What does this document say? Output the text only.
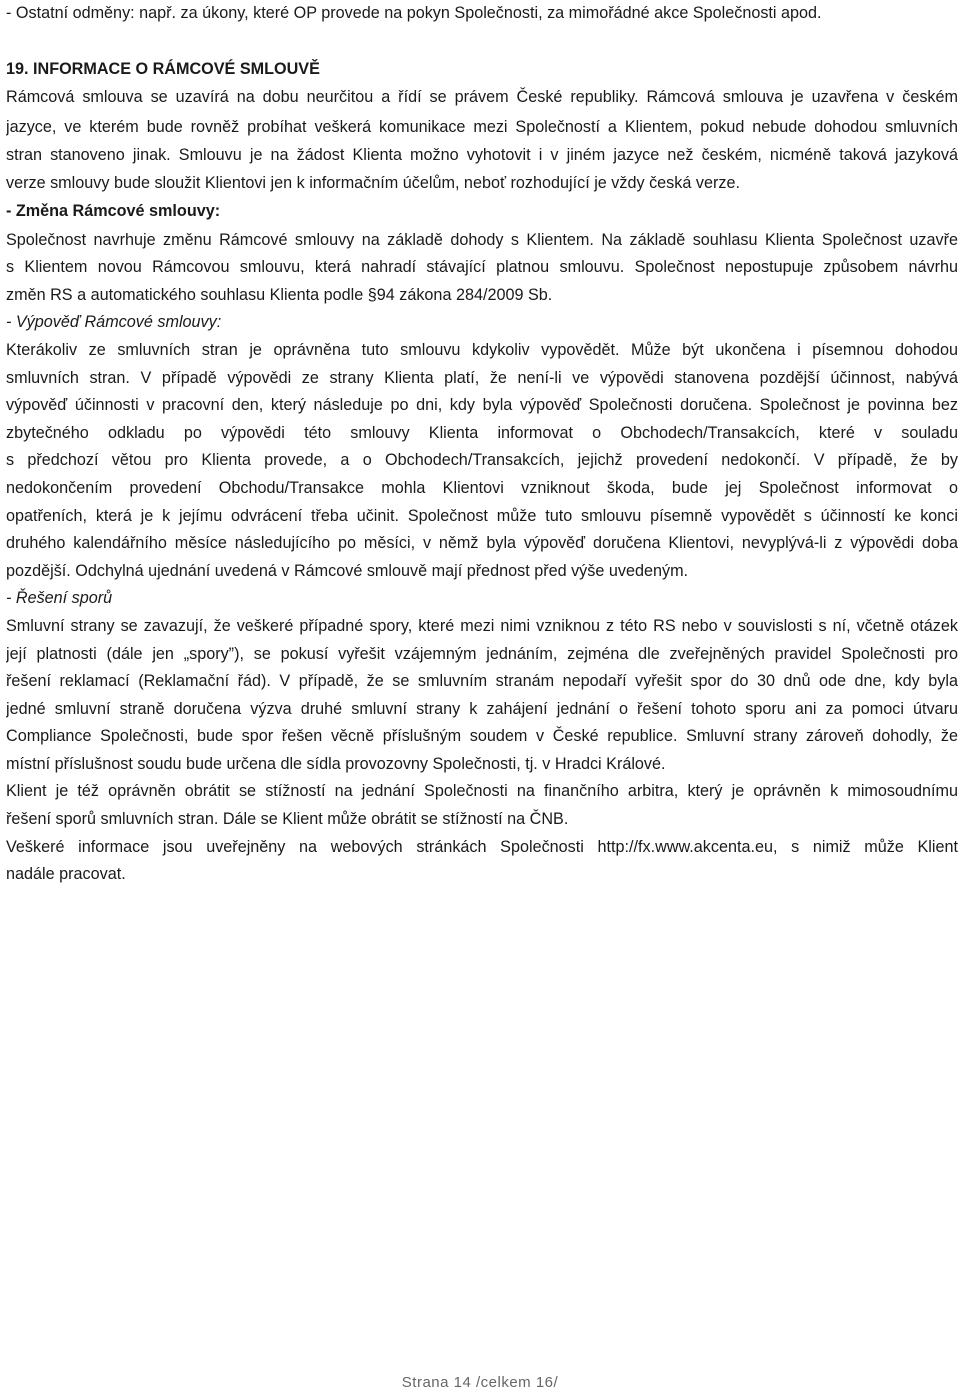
- Ostatní odměny: např. za úkony, které OP provede na pokyn Společnosti, za mimořádné akce Společnosti apod.
19. INFORMACE O RÁMCOVÉ SMLOUVĚ
Rámcová smlouva se uzavírá na dobu neurčitou a řídí se právem České republiky. Rámcová smlouva je uzavřena v českém
jazyce, ve kterém bude rovněž probíhat veškerá komunikace mezi Společností a Klientem, pokud nebude dohodou smluvních
stran stanoveno jinak. Smlouvu je na žádost Klienta možno vyhotovit i v jiném jazyce než českém, nicméně taková jazyková
verze smlouvy bude sloužit Klientovi jen k informačním účelům, neboť rozhodující je vždy česká verze.
- Změna Rámcové smlouvy:
Společnost navrhuje změnu Rámcové smlouvy na základě dohody s Klientem. Na základě souhlasu Klienta Společnost uzavře
s Klientem novou Rámcovou smlouvu, která nahradí stávající platnou smlouvu. Společnost nepostupuje způsobem návrhu
změn RS a automatického souhlasu Klienta podle §94 zákona 284/2009 Sb.
- Výpověď Rámcové smlouvy:
Kterákoliv ze smluvních stran je oprávněna tuto smlouvu kdykoliv vypovědět. Může být ukončena i písemnou dohodou
smluvních stran. V případě výpovědi ze strany Klienta platí, že není-li ve výpovědi stanovena pozdější účinnost, nabývá
výpověď účinnosti v pracovní den, který následuje po dni, kdy byla výpověď Společnosti doručena. Společnost je povinna bez
zbytečného odkladu po výpovědi této smlouvy Klienta informovat o Obchodech/Transakcích, které v souladu
s předchozí větou pro Klienta provede, a o Obchodech/Transakcích, jejichž provedení nedokončí. V případě, že by
nedokončením provedení Obchodu/Transakce mohla Klientovi vzniknout škoda, bude jej Společnost informovat o
opatřeních, která je k jejímu odvrácení třeba učinit. Společnost může tuto smlouvu písemně vypovědět s účinností ke konci
druhého kalendářního měsíce následujícího po měsíci, v němž byla výpověď doručena Klientovi, nevyplývá-li z výpovědi doba
pozdější. Odchylná ujednání uvedená v Rámcové smlouvě mají přednost před výše uvedeným.
- Řešení sporů
Smluvní strany se zavazují, že veškeré případné spory, které mezi nimi vzniknou z této RS nebo v souvislosti s ní, včetně otázek
její platnosti (dále jen „spory”), se pokusí vyřešit vzájemným jednáním, zejména dle zveřejněných pravidel Společnosti pro
řešení reklamací (Reklamační řád). V případě, že se smluvním stranám nepodaří vyřešit spor do 30 dnů ode dne, kdy byla
jedné smluvní straně doručena výzva druhé smluvní strany k zahájení jednání o řešení tohoto sporu ani za pomoci útvaru
Compliance Společnosti, bude spor řešen věcně příslušným soudem v České republice. Smluvní strany zároveň dohodly, že
místní příslušnost soudu bude určena dle sídla provozovny Společnosti, tj. v Hradci Králové.
Klient je též oprávněn obrátit se stížností na jednání Společnosti na finančního arbitra, který je oprávněn k mimosoudnímu
řešení sporů smluvních stran. Dále se Klient může obrátit se stížností na ČNB.
Veškeré informace jsou uveřejněny na webových stránkách Společnosti http://fx.www.akcenta.eu, s nimiž může Klient
nadále pracovat.
Strana 14 /celkem 16/
